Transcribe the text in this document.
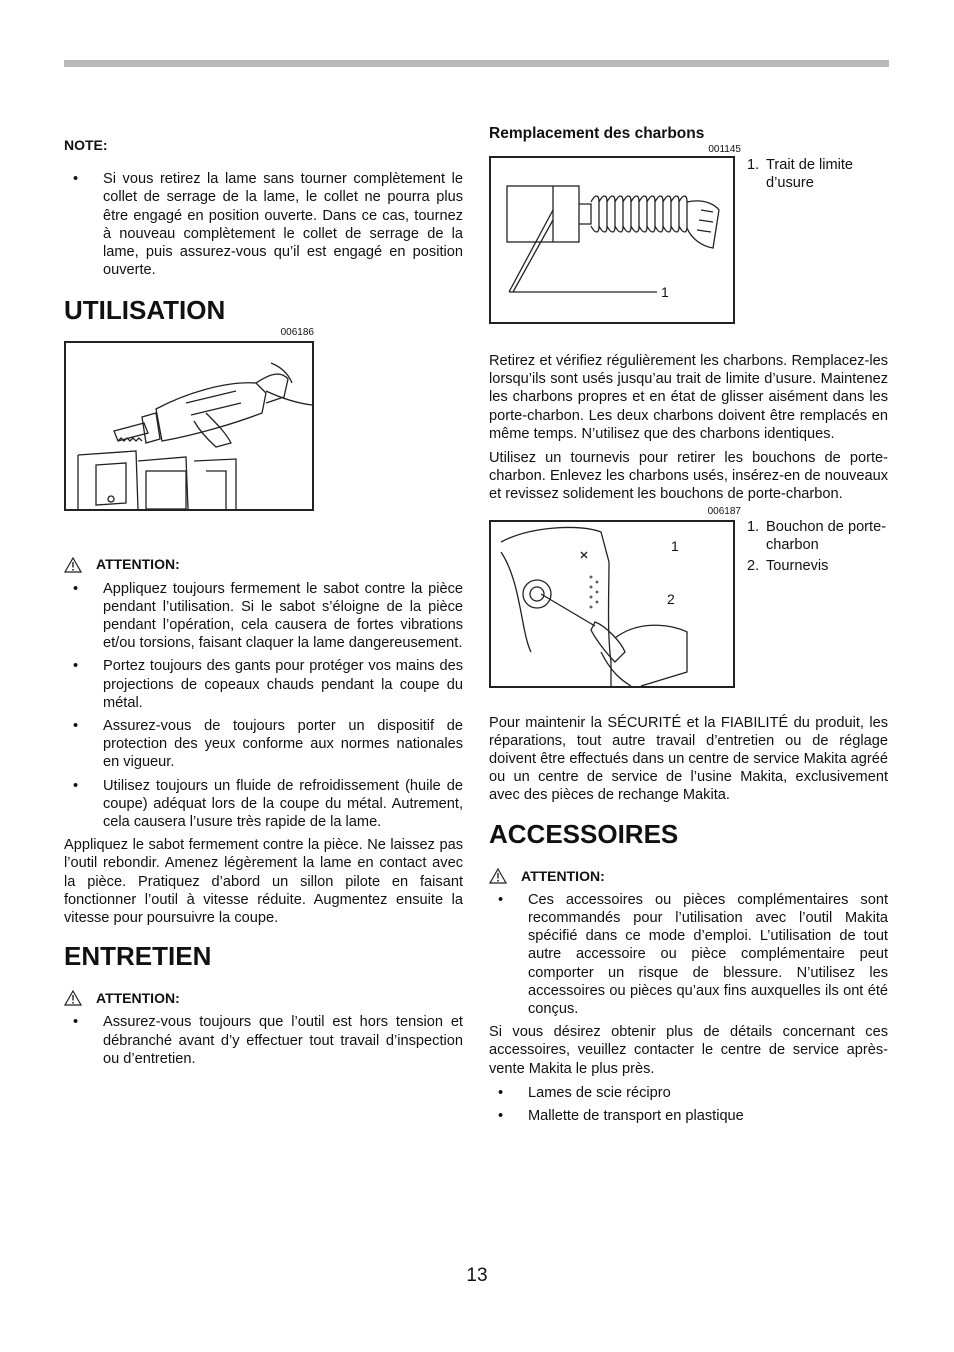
NOTE:
• Si vous retirez la lame sans tourner complètement le collet de serrage de la lame, le collet ne pourra plus être engagé en position ouverte. Dans ce cas, tournez à nouveau complètement le collet de serrage de la lame, puis assurez-vous qu’il est engagé en position ouverte.
UTILISATION
006186
ATTENTION:
• Appliquez toujours fermement le sabot contre la pièce pendant l’utilisation. Si le sabot s’éloigne de la pièce pendant l’opération, cela causera de fortes vibrations et/ou torsions, faisant claquer la lame dangereusement.
• Portez toujours des gants pour protéger vos mains des projections de copeaux chauds pendant la coupe du métal.
• Assurez-vous de toujours porter un dispositif de protection des yeux conforme aux normes nationales en vigueur.
• Utilisez toujours un fluide de refroidissement (huile de coupe) adéquat lors de la coupe du métal. Autrement, cela causera l’usure très rapide de la lame.

Appliquez le sabot fermement contre la pièce. Ne laissez pas l’outil rebondir. Amenez légèrement la lame en contact avec la pièce. Pratiquez d’abord un sillon pilote en faisant fonctionner l’outil à vitesse réduite. Augmentez ensuite la vitesse pour poursuivre la coupe.

ENTRETIEN
ATTENTION:
• Assurez-vous toujours que l’outil est hors tension et débranché avant d’y effectuer tout travail d’inspection ou d’entretien.
Remplacement des charbons
001145
1
1. Trait de limite d’usure

Retirez et vérifiez régulièrement les charbons. Remplacez-les lorsqu’ils sont usés jusqu’au trait de limite d’usure. Maintenez les charbons propres et en état de glisser aisément dans les porte-charbon. Les deux charbons doivent être remplacés en même temps. N’utilisez que des charbons identiques.

Utilisez un tournevis pour retirer les bouchons de porte-charbon. Enlevez les charbons usés, insérez-en de nouveaux et revissez solidement les bouchons de porte-charbon.

006187
1
2
1. Bouchon de porte-charbon
2. Tournevis

Pour maintenir la SÉCURITÉ et la FIABILITÉ du produit, les réparations, tout autre travail d’entretien ou de réglage doivent être effectués dans un centre de service Makita agréé ou un centre de service de l’usine Makita, exclusivement avec des pièces de rechange Makita.

ACCESSOIRES
ATTENTION:
• Ces accessoires ou pièces complémentaires sont recommandés pour l’utilisation avec l’outil Makita spécifié dans ce mode d’emploi. L’utilisation de tout autre accessoire ou pièce complémentaire peut comporter un risque de blessure. N’utilisez les accessoires ou pièces qu’aux fins auxquelles ils ont été conçus.

Si vous désirez obtenir plus de détails concernant ces accessoires, veuillez contacter le centre de service après-vente Makita le plus près.

• Lames de scie récipro
• Mallette de transport en plastique
13
